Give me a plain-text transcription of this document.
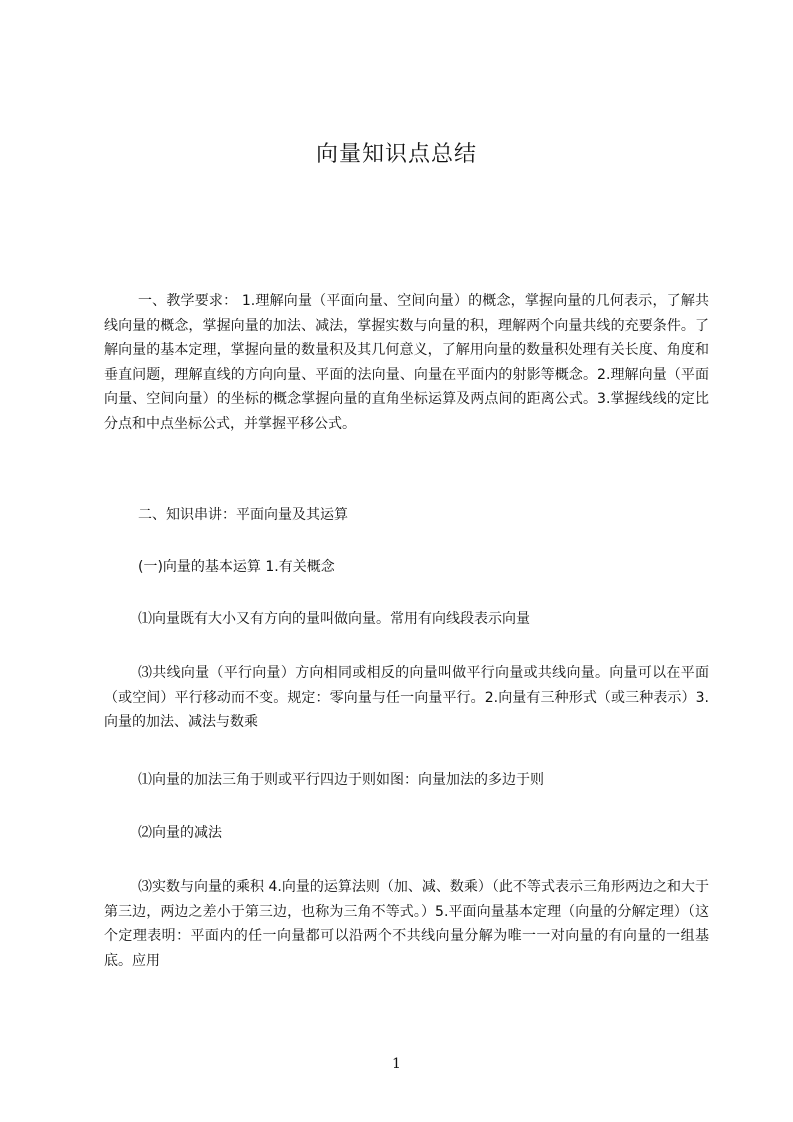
向量知识点总结

一、教学要求： 1.理解向量（平面向量、空间向量）的概念，掌握向量的几何表示，了解共线向量的概念，掌握向量的加法、减法，掌握实数与向量的积，理解两个向量共线的充要条件。了解向量的基本定理，掌握向量的数量积及其几何意义，了解用向量的数量积处理有关长度、角度和垂直问题，理解直线的方向向量、平面的法向量、向量在平面内的射影等概念。2.理解向量（平面向量、空间向量）的坐标的概念掌握向量的直角坐标运算及两点间的距离公式。3.掌握线线的定比分点和中点坐标公式，并掌握平移公式。

二、知识串讲：平面向量及其运算

(一)向量的基本运算 1.有关概念

⑴向量既有大小又有方向的量叫做向量。常用有向线段表示向量

⑶共线向量（平行向量）方向相同或相反的向量叫做平行向量或共线向量。向量可以在平面（或空间）平行移动而不变。规定：零向量与任一向量平行。2.向量有三种形式（或三种表示）3.向量的加法、减法与数乘

⑴向量的加法三角于则或平行四边于则如图：向量加法的多边于则

⑵向量的减法

⑶实数与向量的乘积 4.向量的运算法则（加、减、数乘）（此不等式表示三角形两边之和大于第三边，两边之差小于第三边，也称为三角不等式。）5.平面向量基本定理（向量的分解定理）（这个定理表明：平面内的任一向量都可以沿两个不共线向量分解为唯一一对向量的有向量的一组基底。应用

1
